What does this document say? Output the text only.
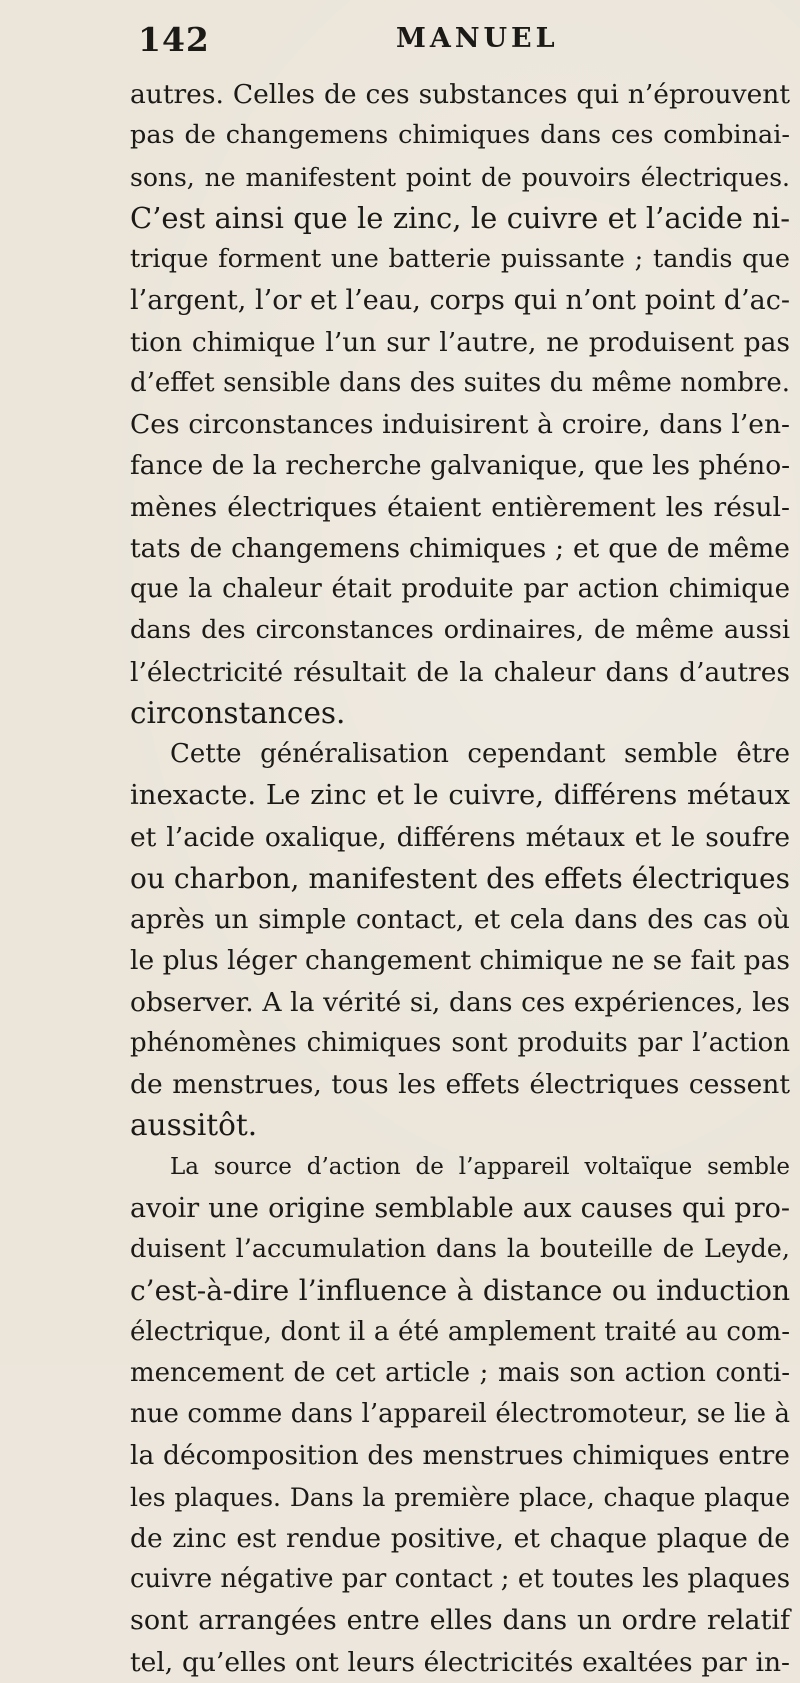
142	MANUEL
autres. Celles de ces substances qui n’éprouvent
pas de changemens chimiques dans ces combinai-
sons, ne manifestent point de pouvoirs électriques.
C’est ainsi que le zinc, le cuivre et l’acide ni-
trique forment une batterie puissante ; tandis que
l’argent, l’or et l’eau, corps qui n’ont point d’ac-
tion chimique l’un sur l’autre, ne produisent pas
d’effet sensible dans des suites du même nombre.
Ces circonstances induisirent à croire, dans l’en-
fance de la recherche galvanique, que les phéno-
mènes électriques étaient entièrement les résul-
tats de changemens chimiques ; et que de même
que la chaleur était produite par action chimique
dans des circonstances ordinaires, de même aussi
l’électricité résultait de la chaleur dans d’autres
circonstances.
Cette généralisation cependant semble être
inexacte. Le zinc et le cuivre, différens métaux
et l’acide oxalique, différens métaux et le soufre
ou charbon, manifestent des effets électriques
après un simple contact, et cela dans des cas où
le plus léger changement chimique ne se fait pas
observer. A la vérité si, dans ces expériences, les
phénomènes chimiques sont produits par l’action
de menstrues, tous les effets électriques cessent
aussitôt.
La source d’action de l’appareil voltaïque semble
avoir une origine semblable aux causes qui pro-
duisent l’accumulation dans la bouteille de Leyde,
c’est-à-dire l’influence à distance ou induction
électrique, dont il a été amplement traité au com-
mencement de cet article ; mais son action conti-
nue comme dans l’appareil électromoteur, se lie à
la décomposition des menstrues chimiques entre
les plaques. Dans la première place, chaque plaque
de zinc est rendue positive, et chaque plaque de
cuivre négative par contact ; et toutes les plaques
sont arrangées entre elles dans un ordre relatif
tel, qu’elles ont leurs électricités exaltées par in-
